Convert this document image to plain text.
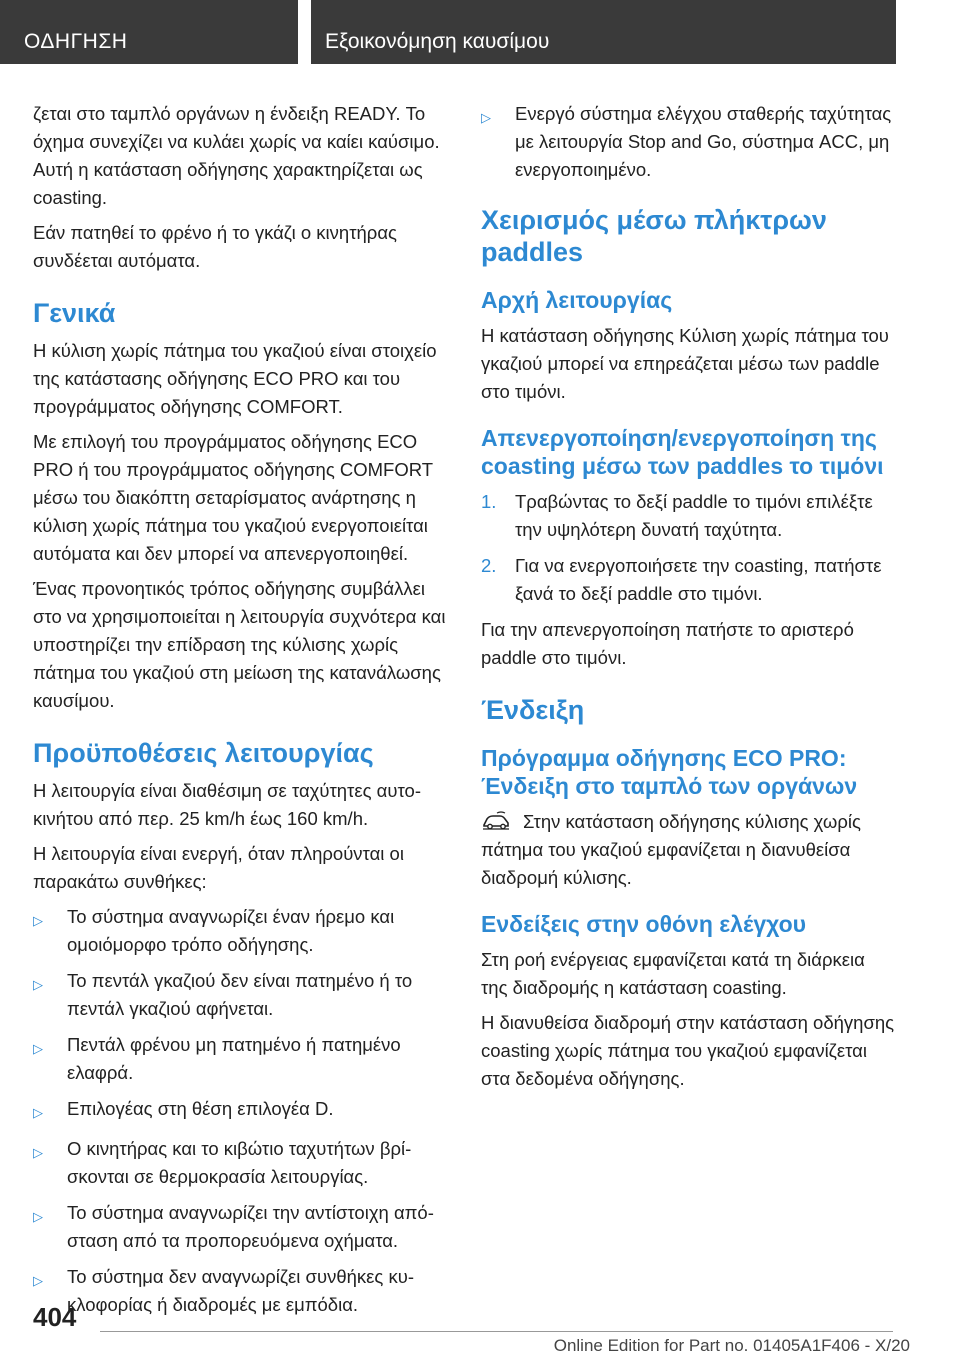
ΟΔΗΓΗΣΗ	Εξοικονόμηση καυσίμου

ζεται στο ταμπλό οργάνων η ένδειξη READY. Το όχημα συνεχίζει να κυλάει χωρίς να καίει καύσιμο. Αυτή η κατάσταση οδήγησης χαρακτηρίζεται ως coasting.

Εάν πατηθεί το φρένο ή το γκάζι ο κινητήρας συνδέεται αυτόματα.

Γενικά

Η κύλιση χωρίς πάτημα του γκαζιού είναι στοιχείο της κατάστασης οδήγησης ECO PRO και του προγράμματος οδήγησης COMFORT.

Με επιλογή του προγράμματος οδήγησης ECO PRO ή του προγράμματος οδήγησης COMFORT μέσω του διακόπτη σεταρίσματος ανάρτησης η κύλιση χωρίς πάτημα του γκαζιού ενεργοποιείται αυτόματα και δεν μπορεί να απενεργοποιηθεί.

Ένας προνοητικός τρόπος οδήγησης συμβάλλει στο να χρησιμοποιείται η λειτουργία συχνότερα και υποστηρίζει την επίδραση της κύλισης χωρίς πάτημα του γκαζιού στη μείωση της κατανάλωσης καυσίμου.

Προϋποθέσεις λειτουργίας

Η λειτουργία είναι διαθέσιμη σε ταχύτητες αυτοκινήτου από περ. 25 km/h έως 160 km/h.

Η λειτουργία είναι ενεργή, όταν πληρούνται οι παρακάτω συνθήκες:

▷	Το σύστημα αναγνωρίζει έναν ήρεμο και ομοιόμορφο τρόπο οδήγησης.
▷	Το πεντάλ γκαζιού δεν είναι πατημένο ή το πεντάλ γκαζιού αφήνεται.
▷	Πεντάλ φρένου μη πατημένο ή πατημένο ελαφρά.
▷	Επιλογέας στη θέση επιλογέα D.
▷	Ο κινητήρας και το κιβώτιο ταχυτήτων βρίσκονται σε θερμοκρασία λειτουργίας.
▷	Το σύστημα αναγνωρίζει την αντίστοιχη απόσταση από τα προπορευόμενα οχήματα.
▷	Το σύστημα δεν αναγνωρίζει συνθήκες κυκλοφορίας ή διαδρομές με εμπόδια.
▷	Ενεργό σύστημα ελέγχου σταθερής ταχύτητας με λειτουργία Stop and Go, σύστημα ACC, μη ενεργοποιημένο.
Χειρισμός μέσω πλήκτρων paddles
Αρχή λειτουργίας

Η κατάσταση οδήγησης Κύλιση χωρίς πάτημα του γκαζιού μπορεί να επηρεάζεται μέσω των paddle στο τιμόνι.

Απενεργοποίηση/ενεργοποίηση της coasting μέσω των paddles το τιμόνι
1.	Τραβώντας το δεξί paddle το τιμόνι επιλέξτε την υψηλότερη δυνατή ταχύτητα.
2.	Για να ενεργοποιήσετε την coasting, πατήστε ξανά το δεξί paddle στο τιμόνι.

Για την απενεργοποίηση πατήστε το αριστερό paddle στο τιμόνι.

Ένδειξη
Πρόγραμμα οδήγησης ECO PRO: Ένδειξη στο ταμπλό των οργάνων

Στην κατάσταση οδήγησης κύλισης χωρίς πάτημα του γκαζιού εμφανίζεται η διανυθείσα διαδρομή κύλισης.

Ενδείξεις στην οθόνη ελέγχου

Στη ροή ενέργειας εμφανίζεται κατά τη διάρκεια της διαδρομής η κατάσταση coasting.

Η διανυθείσα διαδρομή στην κατάσταση οδήγησης coasting χωρίς πάτημα του γκαζιού εμφανίζεται στα δεδομένα οδήγησης.

404
Online Edition for Part no. 01405A1F406 - X/20
